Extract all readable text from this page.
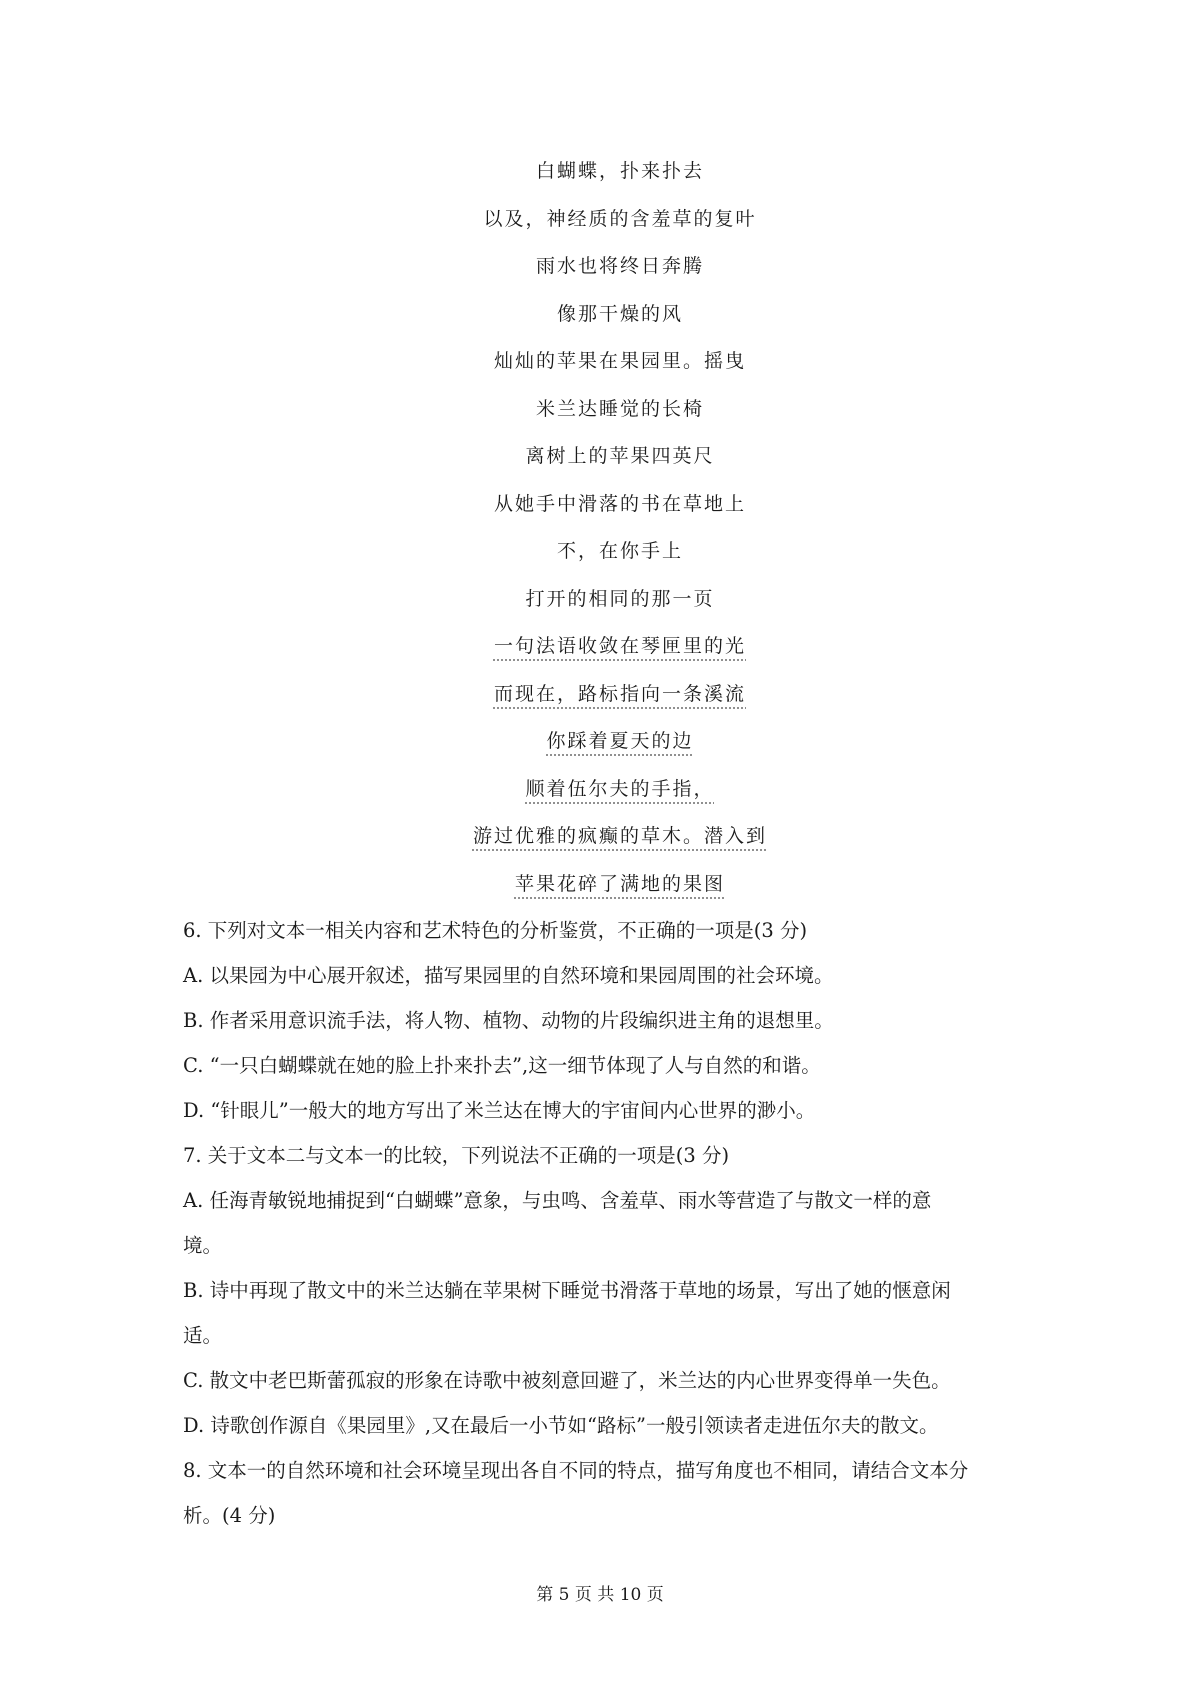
白蝴蝶，扑来扑去
以及，神经质的含羞草的复叶
雨水也将终日奔腾
像那干燥的风
灿灿的苹果在果园里。摇曳
米兰达睡觉的长椅
离树上的苹果四英尺
从她手中滑落的书在草地上
不，在你手上
打开的相同的那一页
一句法语收敛在琴匣里的光
而现在，路标指向一条溪流
你踩着夏天的边
顺着伍尔夫的手指，
游过优雅的疯癫的草木。潜入到
苹果花碎了满地的果图

6. 下列对文本一相关内容和艺术特色的分析鉴赏，不正确的一项是(3 分)

A. 以果园为中心展开叙述，描写果园里的自然环境和果园周围的社会环境。

B. 作者采用意识流手法，将人物、植物、动物的片段编织进主角的退想里。

C. “一只白蝴蝶就在她的脸上扑来扑去”,这一细节体现了人与自然的和谐。

D. “针眼儿”一般大的地方写出了米兰达在博大的宇宙间内心世界的渺小。

7. 关于文本二与文本一的比较，下列说法不正确的一项是(3 分)

A. 任海青敏锐地捕捉到“白蝴蝶”意象，与虫鸣、含羞草、雨水等营造了与散文一样的意

境。

B. 诗中再现了散文中的米兰达躺在苹果树下睡觉书滑落于草地的场景，写出了她的惬意闲

适。

C. 散文中老巴斯蕾孤寂的形象在诗歌中被刻意回避了，米兰达的内心世界变得单一失色。

D. 诗歌创作源自《果园里》,又在最后一小节如“路标”一般引领读者走进伍尔夫的散文。

8. 文本一的自然环境和社会环境呈现出各自不同的特点，描写角度也不相同，请结合文本分

析。(4 分)

第 5 页 共 10 页
